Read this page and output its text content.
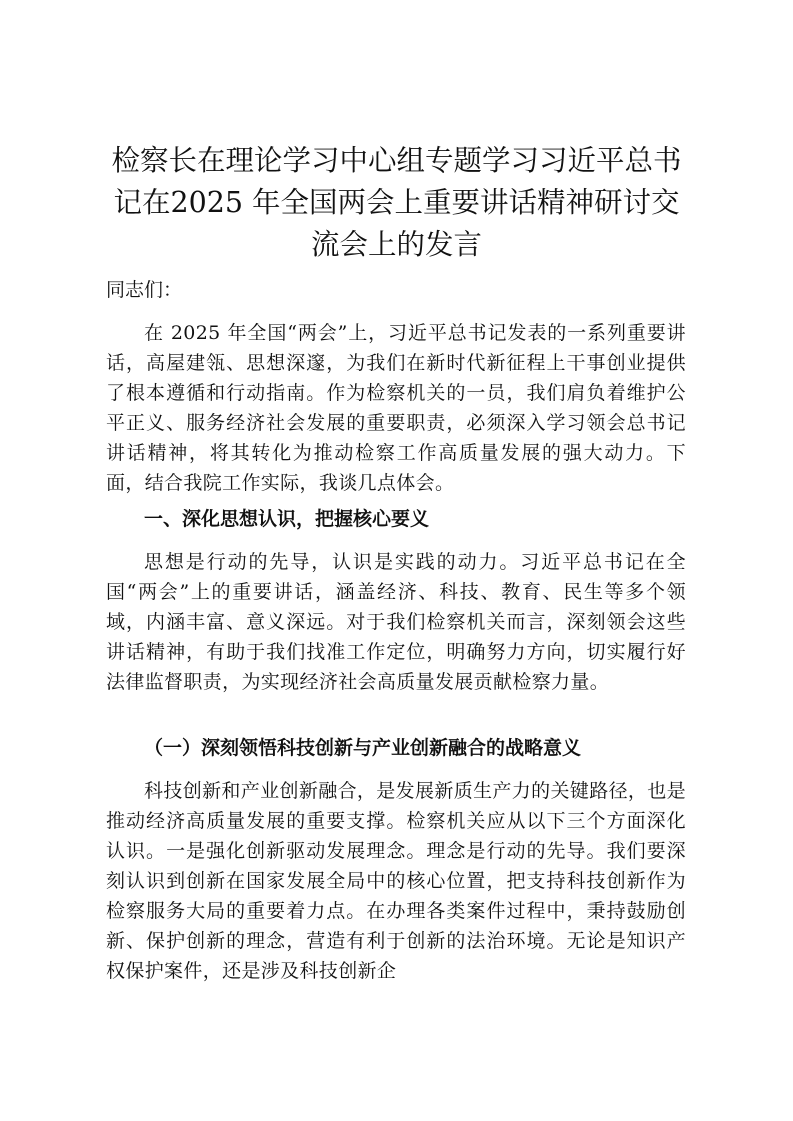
检察长在理论学习中心组专题学习习近平总书记在2025 年全国两会上重要讲话精神研讨交流会上的发言

同志们：

在 2025 年全国“两会”上，习近平总书记发表的一系列重要讲话，高屋建瓴、思想深邃，为我们在新时代新征程上干事创业提供了根本遵循和行动指南。作为检察机关的一员，我们肩负着维护公平正义、服务经济社会发展的重要职责，必须深入学习领会总书记讲话精神，将其转化为推动检察工作高质量发展的强大动力。下面，结合我院工作实际，我谈几点体会。

一、深化思想认识，把握核心要义

思想是行动的先导，认识是实践的动力。习近平总书记在全国“两会”上的重要讲话，涵盖经济、科技、教育、民生等多个领域，内涵丰富、意义深远。对于我们检察机关而言，深刻领会这些讲话精神，有助于我们找准工作定位，明确努力方向，切实履行好法律监督职责，为实现经济社会高质量发展贡献检察力量。

（一）深刻领悟科技创新与产业创新融合的战略意义

科技创新和产业创新融合，是发展新质生产力的关键路径，也是推动经济高质量发展的重要支撑。检察机关应从以下三个方面深化认识。一是强化创新驱动发展理念。理念是行动的先导。我们要深刻认识到创新在国家发展全局中的核心位置，把支持科技创新作为检察服务大局的重要着力点。在办理各类案件过程中，秉持鼓励创新、保护创新的理念，营造有利于创新的法治环境。无论是知识产权保护案件，还是涉及科技创新企
